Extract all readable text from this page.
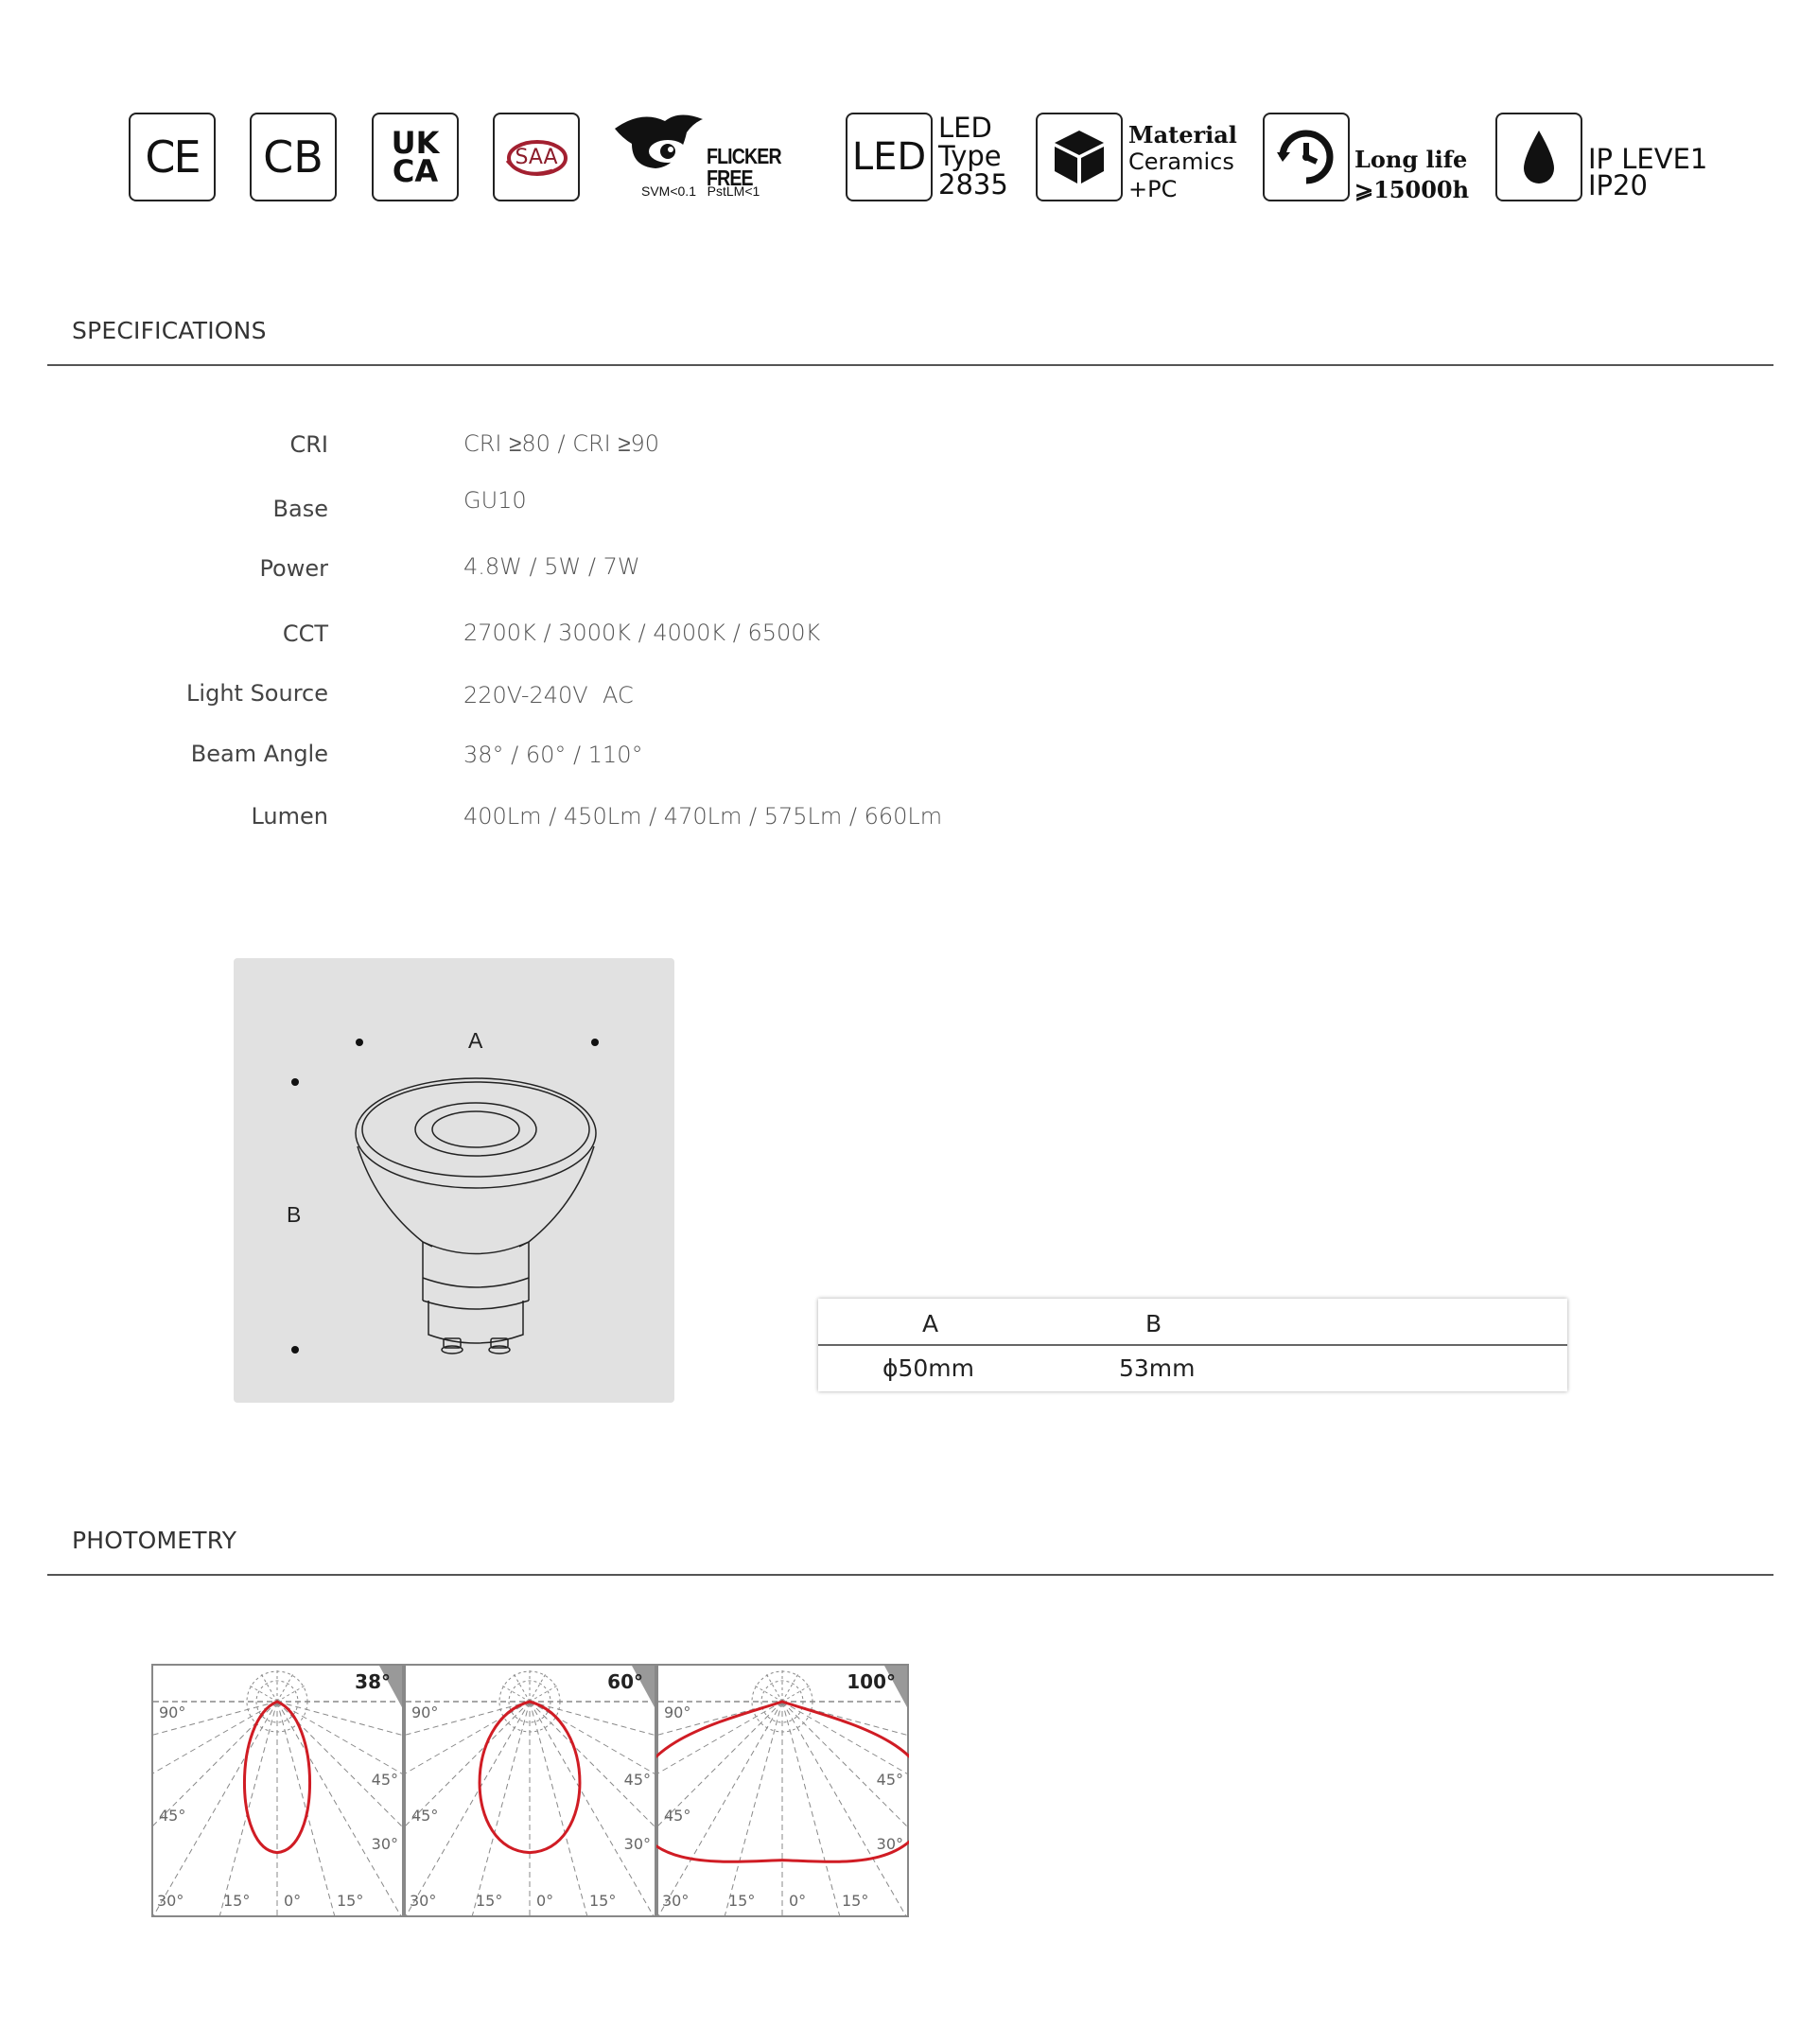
CE CB UK
CA	SAA	FLICKER FREE
SVM<0.1   PstLM<1
LED
LED
Type
2835
Material
Ceramics
+PC
Long life
⩾15000h
IP LEVE1
IP20
SPECIFICATIONS
CRI	CRI ≥80 / CRI ≥90
Base	GU10
Power	4.8W / 5W / 7W
CCT	2700K / 3000K / 4000K / 6500K
Light Source	220V-240V  AC
Beam Angle	38° / 60° / 110°
Lumen	400Lm / 450Lm / 470Lm / 575Lm / 660Lm
A
B
A	B
ɸ50mm	53mm
PHOTOMETRY
38°
90°
45°
45°
30°
30°	15° 0° 15°
60°
90°
45°
45°
30°
30°	15° 0° 15°
100°
90°
45°
45°
30°
30°	15° 0° 15°
